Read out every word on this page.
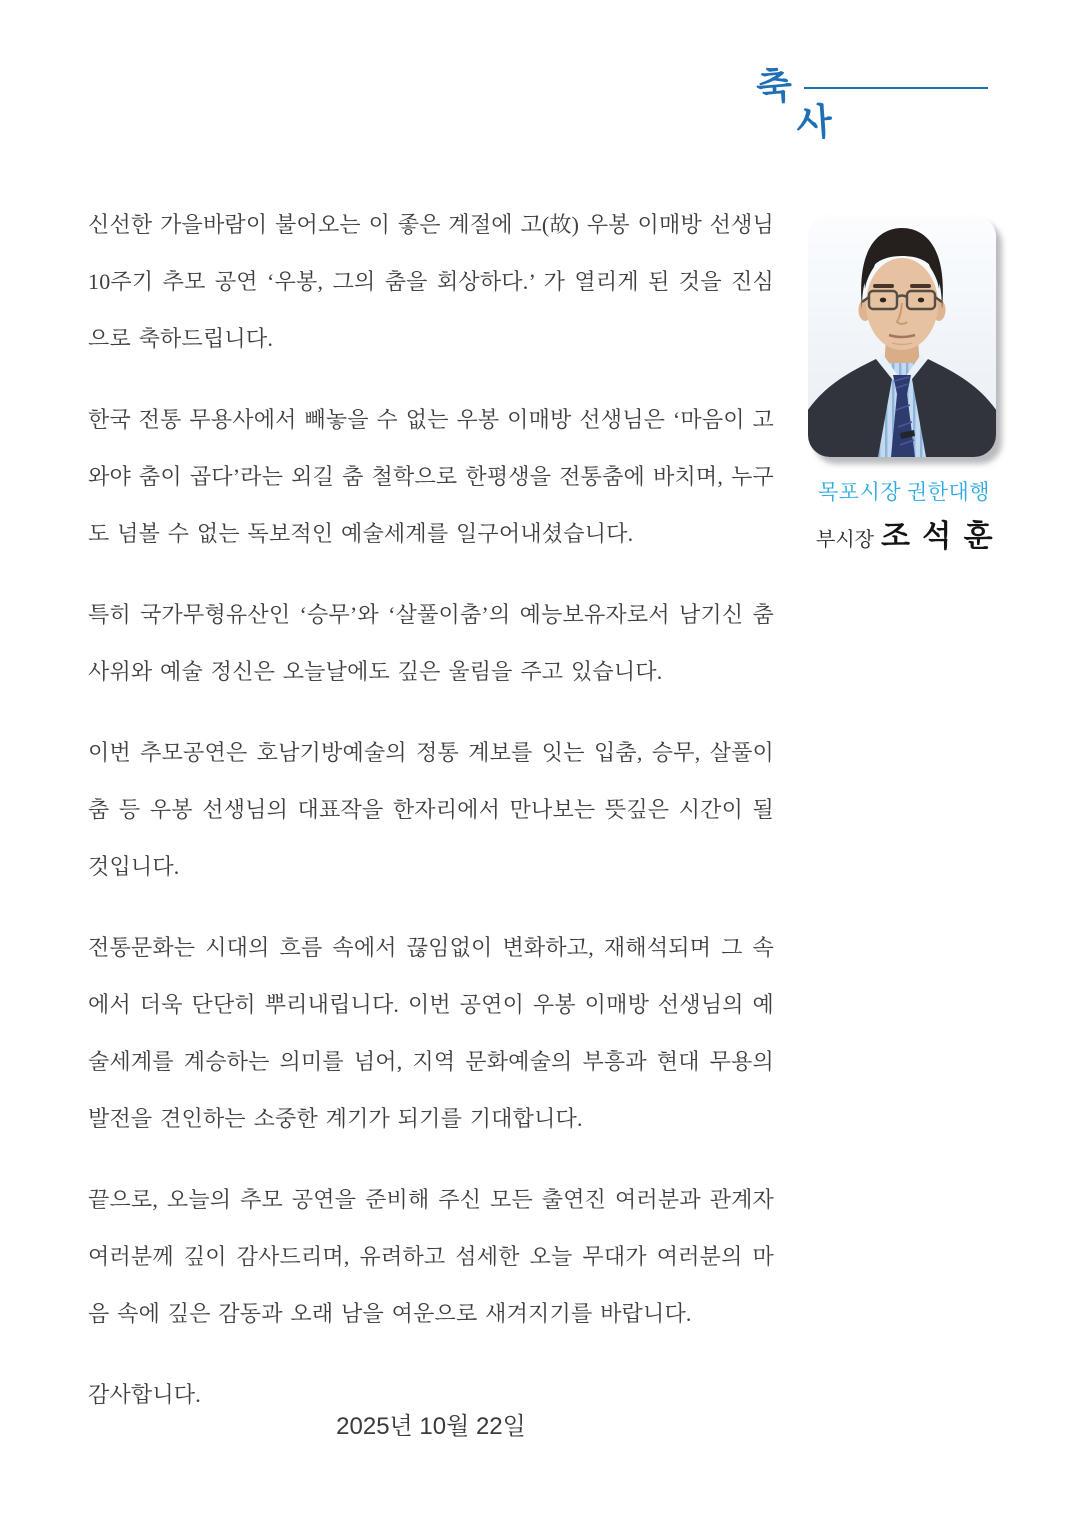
축
사

신선한 가을바람이 불어오는 이 좋은 계절에 고(故) 우봉 이매방 선생님 10주기 추모 공연 ‘우봉, 그의 춤을 회상하다.’ 가 열리게 된 것을 진심으로 축하드립니다.

한국 전통 무용사에서 빼놓을 수 없는 우봉 이매방 선생님은 ‘마음이 고와야 춤이 곱다’라는 외길 춤 철학으로 한평생을 전통춤에 바치며, 누구도 넘볼 수 없는 독보적인 예술세계를 일구어내셨습니다.

특히 국가무형유산인 ‘승무’와 ‘살풀이춤’의 예능보유자로서 남기신 춤사위와 예술 정신은 오늘날에도 깊은 울림을 주고 있습니다.

이번 추모공연은 호남기방예술의 정통 계보를 잇는 입춤, 승무, 살풀이춤 등 우봉 선생님의 대표작을 한자리에서 만나보는 뜻깊은 시간이 될 것입니다.

전통문화는 시대의 흐름 속에서 끊임없이 변화하고, 재해석되며 그 속에서 더욱 단단히 뿌리내립니다. 이번 공연이 우봉 이매방 선생님의 예술세계를 계승하는 의미를 넘어, 지역 문화예술의 부흥과 현대 무용의 발전을 견인하는 소중한 계기가 되기를 기대합니다.

끝으로, 오늘의 추모 공연을 준비해 주신 모든 출연진 여러분과 관계자 여러분께 깊이 감사드리며, 유려하고 섬세한 오늘 무대가 여러분의 마음 속에 깊은 감동과 오래 남을 여운으로 새겨지기를 바랍니다.

감사합니다.

2025년 10월 22일
목포시장 권한대행
부시장 조 석 훈
